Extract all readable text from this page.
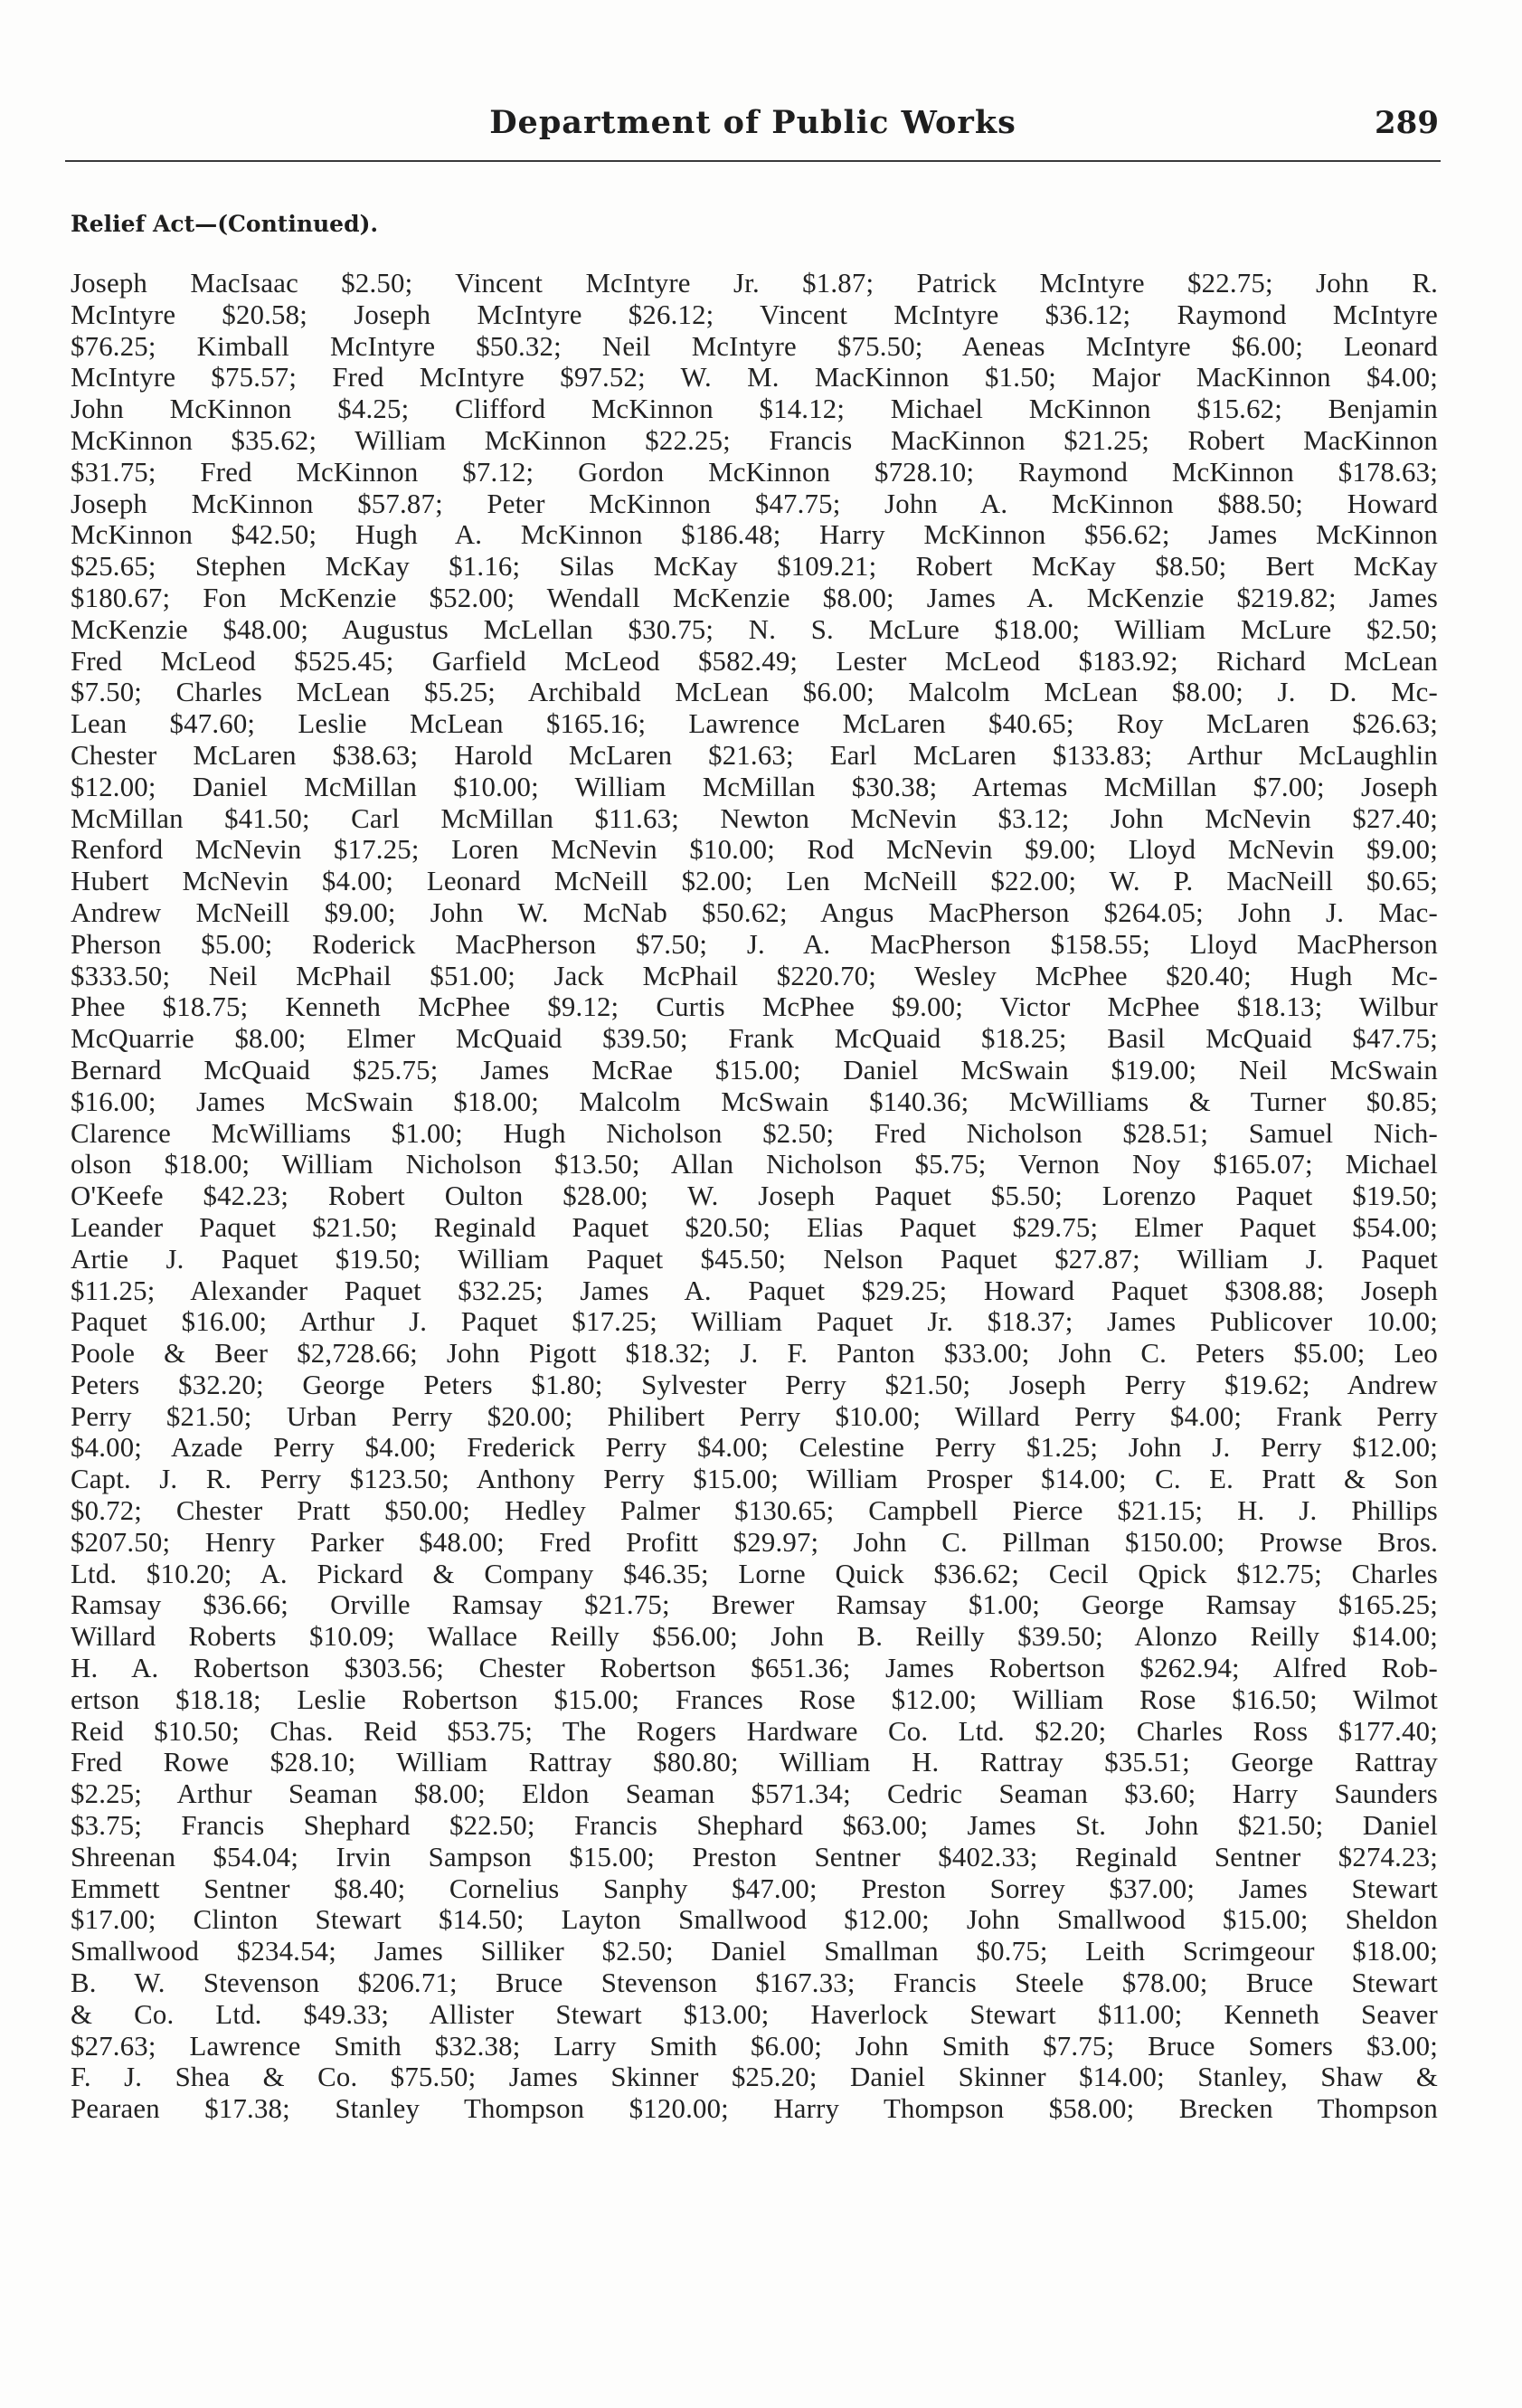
Department of Public Works	289
Relief Act—(Continued).
Joseph MacIsaac $2.50; Vincent McIntyre Jr. $1.87; Patrick McIntyre $22.75; John R.
McIntyre $20.58; Joseph McIntyre $26.12; Vincent McIntyre $36.12; Raymond McIntyre
$76.25; Kimball McIntyre $50.32; Neil McIntyre $75.50; Aeneas McIntyre $6.00; Leonard
McIntyre $75.57; Fred McIntyre $97.52; W. M. MacKinnon $1.50; Major MacKinnon $4.00;
John McKinnon $4.25; Clifford McKinnon $14.12; Michael McKinnon $15.62; Benjamin
McKinnon $35.62; William McKinnon $22.25; Francis MacKinnon $21.25; Robert MacKinnon
$31.75; Fred McKinnon $7.12; Gordon McKinnon $728.10; Raymond McKinnon $178.63;
Joseph McKinnon $57.87; Peter McKinnon $47.75; John A. McKinnon $88.50; Howard
McKinnon $42.50; Hugh A. McKinnon $186.48; Harry McKinnon $56.62; James McKinnon
$25.65; Stephen McKay $1.16; Silas McKay $109.21; Robert McKay $8.50; Bert McKay
$180.67; Fon McKenzie $52.00; Wendall McKenzie $8.00; James A. McKenzie $219.82; James
McKenzie $48.00; Augustus McLellan $30.75; N. S. McLure $18.00; William McLure $2.50;
Fred McLeod $525.45; Garfield McLeod $582.49; Lester McLeod $183.92; Richard McLean
$7.50; Charles McLean $5.25; Archibald McLean $6.00; Malcolm McLean $8.00; J. D. Mc-
Lean $47.60; Leslie McLean $165.16; Lawrence McLaren $40.65; Roy McLaren $26.63;
Chester McLaren $38.63; Harold McLaren $21.63; Earl McLaren $133.83; Arthur McLaughlin
$12.00; Daniel McMillan $10.00; William McMillan $30.38; Artemas McMillan $7.00; Joseph
McMillan $41.50; Carl McMillan $11.63; Newton McNevin $3.12; John McNevin $27.40;
Renford McNevin $17.25; Loren McNevin $10.00; Rod McNevin $9.00; Lloyd McNevin $9.00;
Hubert McNevin $4.00; Leonard McNeill $2.00; Len McNeill $22.00; W. P. MacNeill $0.65;
Andrew McNeill $9.00; John W. McNab $50.62; Angus MacPherson $264.05; John J. Mac-
Pherson $5.00; Roderick MacPherson $7.50; J. A. MacPherson $158.55; Lloyd MacPherson
$333.50; Neil McPhail $51.00; Jack McPhail $220.70; Wesley McPhee $20.40; Hugh Mc-
Phee $18.75; Kenneth McPhee $9.12; Curtis McPhee $9.00; Victor McPhee $18.13; Wilbur
McQuarrie $8.00; Elmer McQuaid $39.50; Frank McQuaid $18.25; Basil McQuaid $47.75;
Bernard McQuaid $25.75; James McRae $15.00; Daniel McSwain $19.00; Neil McSwain
$16.00; James McSwain $18.00; Malcolm McSwain $140.36; McWilliams & Turner $0.85;
Clarence McWilliams $1.00; Hugh Nicholson $2.50; Fred Nicholson $28.51; Samuel Nich-
olson $18.00; William Nicholson $13.50; Allan Nicholson $5.75; Vernon Noy $165.07; Michael
O'Keefe $42.23; Robert Oulton $28.00; W. Joseph Paquet $5.50; Lorenzo Paquet $19.50;
Leander Paquet $21.50; Reginald Paquet $20.50; Elias Paquet $29.75; Elmer Paquet $54.00;
Artie J. Paquet $19.50; William Paquet $45.50; Nelson Paquet $27.87; William J. Paquet
$11.25; Alexander Paquet $32.25; James A. Paquet $29.25; Howard Paquet $308.88; Joseph
Paquet $16.00; Arthur J. Paquet $17.25; William Paquet Jr. $18.37; James Publicover 10.00;
Poole & Beer $2,728.66; John Pigott $18.32; J. F. Panton $33.00; John C. Peters $5.00; Leo
Peters $32.20; George Peters $1.80; Sylvester Perry $21.50; Joseph Perry $19.62; Andrew
Perry $21.50; Urban Perry $20.00; Philibert Perry $10.00; Willard Perry $4.00; Frank Perry
$4.00; Azade Perry $4.00; Frederick Perry $4.00; Celestine Perry $1.25; John J. Perry $12.00;
Capt. J. R. Perry $123.50; Anthony Perry $15.00; William Prosper $14.00; C. E. Pratt & Son
$0.72; Chester Pratt $50.00; Hedley Palmer $130.65; Campbell Pierce $21.15; H. J. Phillips
$207.50; Henry Parker $48.00; Fred Profitt $29.97; John C. Pillman $150.00; Prowse Bros.
Ltd. $10.20; A. Pickard & Company $46.35; Lorne Quick $36.62; Cecil Qpick $12.75; Charles
Ramsay $36.66; Orville Ramsay $21.75; Brewer Ramsay $1.00; George Ramsay $165.25;
Willard Roberts $10.09; Wallace Reilly $56.00; John B. Reilly $39.50; Alonzo Reilly $14.00;
H. A. Robertson $303.56; Chester Robertson $651.36; James Robertson $262.94; Alfred Rob-
ertson $18.18; Leslie Robertson $15.00; Frances Rose $12.00; William Rose $16.50; Wilmot
Reid $10.50; Chas. Reid $53.75; The Rogers Hardware Co. Ltd. $2.20; Charles Ross $177.40;
Fred Rowe $28.10; William Rattray $80.80; William H. Rattray $35.51; George Rattray
$2.25; Arthur Seaman $8.00; Eldon Seaman $571.34; Cedric Seaman $3.60; Harry Saunders
$3.75; Francis Shephard $22.50; Francis Shephard $63.00; James St. John $21.50; Daniel
Shreenan $54.04; Irvin Sampson $15.00; Preston Sentner $402.33; Reginald Sentner $274.23;
Emmett Sentner $8.40; Cornelius Sanphy $47.00; Preston Sorrey $37.00; James Stewart
$17.00; Clinton Stewart $14.50; Layton Smallwood $12.00; John Smallwood $15.00; Sheldon
Smallwood $234.54; James Silliker $2.50; Daniel Smallman $0.75; Leith Scrimgeour $18.00;
B. W. Stevenson $206.71; Bruce Stevenson $167.33; Francis Steele $78.00; Bruce Stewart
& Co. Ltd. $49.33; Allister Stewart $13.00; Haverlock Stewart $11.00; Kenneth Seaver
$27.63; Lawrence Smith $32.38; Larry Smith $6.00; John Smith $7.75; Bruce Somers $3.00;
F. J. Shea & Co. $75.50; James Skinner $25.20; Daniel Skinner $14.00; Stanley, Shaw &
Pearaen $17.38; Stanley Thompson $120.00; Harry Thompson $58.00; Brecken Thompson
